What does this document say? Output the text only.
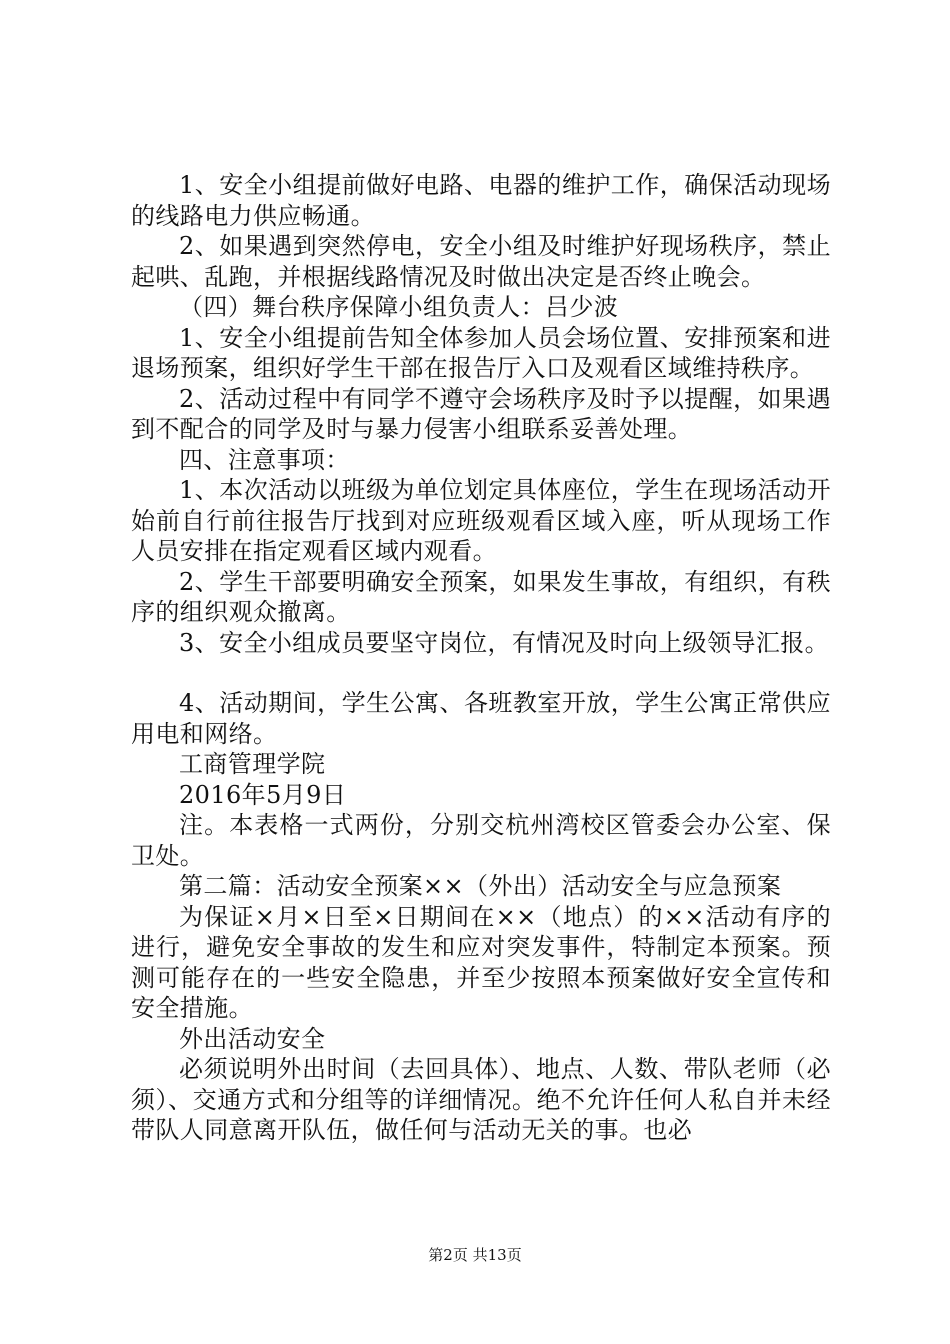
1、安全小组提前做好电路、电器的维护工作，确保活动现场的线路电力供应畅通。

2、如果遇到突然停电，安全小组及时维护好现场秩序，禁止起哄、乱跑，并根据线路情况及时做出决定是否终止晚会。

（四）舞台秩序保障小组负责人：吕少波

1、安全小组提前告知全体参加人员会场位置、安排预案和进退场预案，组织好学生干部在报告厅入口及观看区域维持秩序。

2、活动过程中有同学不遵守会场秩序及时予以提醒，如果遇到不配合的同学及时与暴力侵害小组联系妥善处理。

四、注意事项：

1、本次活动以班级为单位划定具体座位，学生在现场活动开始前自行前往报告厅找到对应班级观看区域入座，听从现场工作人员安排在指定观看区域内观看。

2、学生干部要明确安全预案，如果发生事故，有组织，有秩序的组织观众撤离。

3、安全小组成员要坚守岗位，有情况及时向上级领导汇报。

4、活动期间，学生公寓、各班教室开放，学生公寓正常供应用电和网络。

工商管理学院

2016年5月9日

注。本表格一式两份，分别交杭州湾校区管委会办公室、保卫处。

第二篇：活动安全预案××（外出）活动安全与应急预案

为保证×月×日至×日期间在××（地点）的××活动有序的进行，避免安全事故的发生和应对突发事件，特制定本预案。预测可能存在的一些安全隐患，并至少按照本预案做好安全宣传和安全措施。

外出活动安全

必须说明外出时间（去回具体）、地点、人数、带队老师（必须）、交通方式和分组等的详细情况。绝不允许任何人私自并未经带队人同意离开队伍，做任何与活动无关的事。也必

第2页 共13页
